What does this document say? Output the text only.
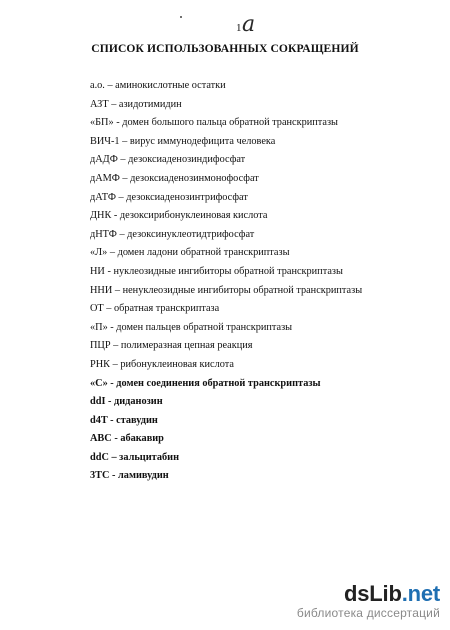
1 а
СПИСОК ИСПОЛЬЗОВАННЫХ СОКРАЩЕНИЙ
а.о. – аминокислотные остатки
АЗТ – азидотимидин
«БП» - домен большого пальца обратной транскриптазы
ВИЧ-1 – вирус иммунодефицита человека
дАДФ – дезоксиаденозиндифосфат
дАМФ – дезоксиаденозинмонофосфат
дАТФ – дезоксиаденозинтрифосфат
ДНК - дезоксирибонуклеиновая кислота
дНТФ – дезоксинуклеотидтрифосфат
«Л» – домен ладони обратной транскриптазы
НИ - нуклеозидные ингибиторы обратной транскриптазы
ННИ – ненуклеозидные ингибиторы обратной транскриптазы
ОТ – обратная транскриптаза
«П» - домен пальцев обратной транскриптазы
ПЦР – полимеразная цепная реакция
РНК – рибонуклеиновая кислота
«С» - домен соединения обратной транскриптазы
ddI - диданозин
d4T - ставудин
ABC - абакавир
ddC – зальцитабин
3TC - ламивудин
dsLib.net
библиотека диссертаций
